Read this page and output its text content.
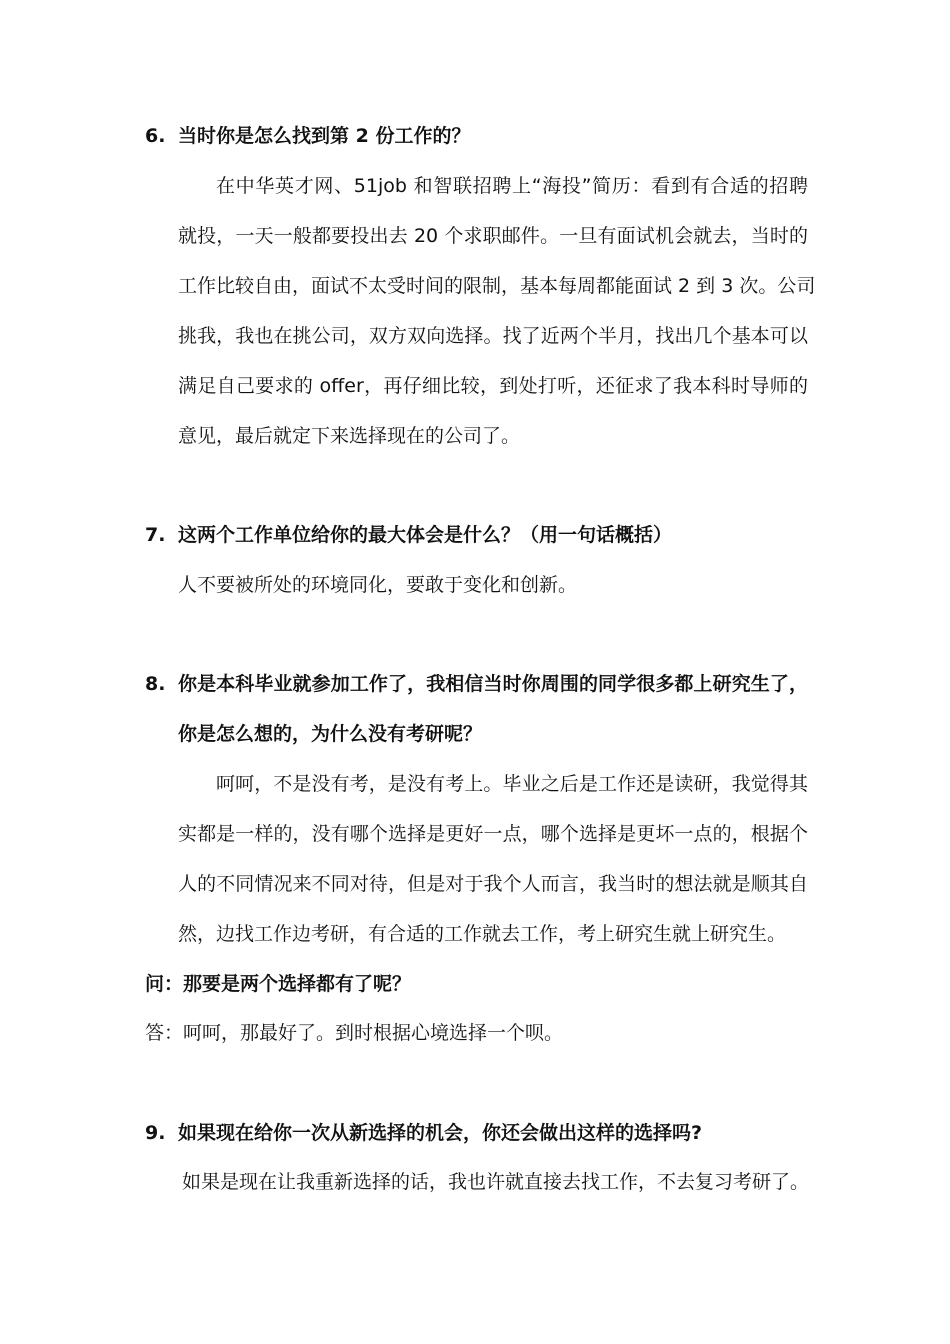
6. 当时你是怎么找到第 2 份工作的？

在中华英才网、51job 和智联招聘上“海投”简历：看到有合适的招聘

就投，一天一般都要投出去 20 个求职邮件。一旦有面试机会就去，当时的

工作比较自由，面试不太受时间的限制，基本每周都能面试 2 到 3 次。公司

挑我，我也在挑公司，双方双向选择。找了近两个半月，找出几个基本可以

满足自己要求的 offer，再仔细比较，到处打听，还征求了我本科时导师的

意见，最后就定下来选择现在的公司了。

7. 这两个工作单位给你的最大体会是什么？（用一句话概括）

人不要被所处的环境同化，要敢于变化和创新。

8. 你是本科毕业就参加工作了，我相信当时你周围的同学很多都上研究生了，

你是怎么想的，为什么没有考研呢？

呵呵，不是没有考，是没有考上。毕业之后是工作还是读研，我觉得其

实都是一样的，没有哪个选择是更好一点，哪个选择是更坏一点的，根据个

人的不同情况来不同对待，但是对于我个人而言，我当时的想法就是顺其自

然，边找工作边考研，有合适的工作就去工作，考上研究生就上研究生。

问：那要是两个选择都有了呢？

答：呵呵，那最好了。到时根据心境选择一个呗。

9. 如果现在给你一次从新选择的机会，你还会做出这样的选择吗?

如果是现在让我重新选择的话，我也许就直接去找工作，不去复习考研了。
